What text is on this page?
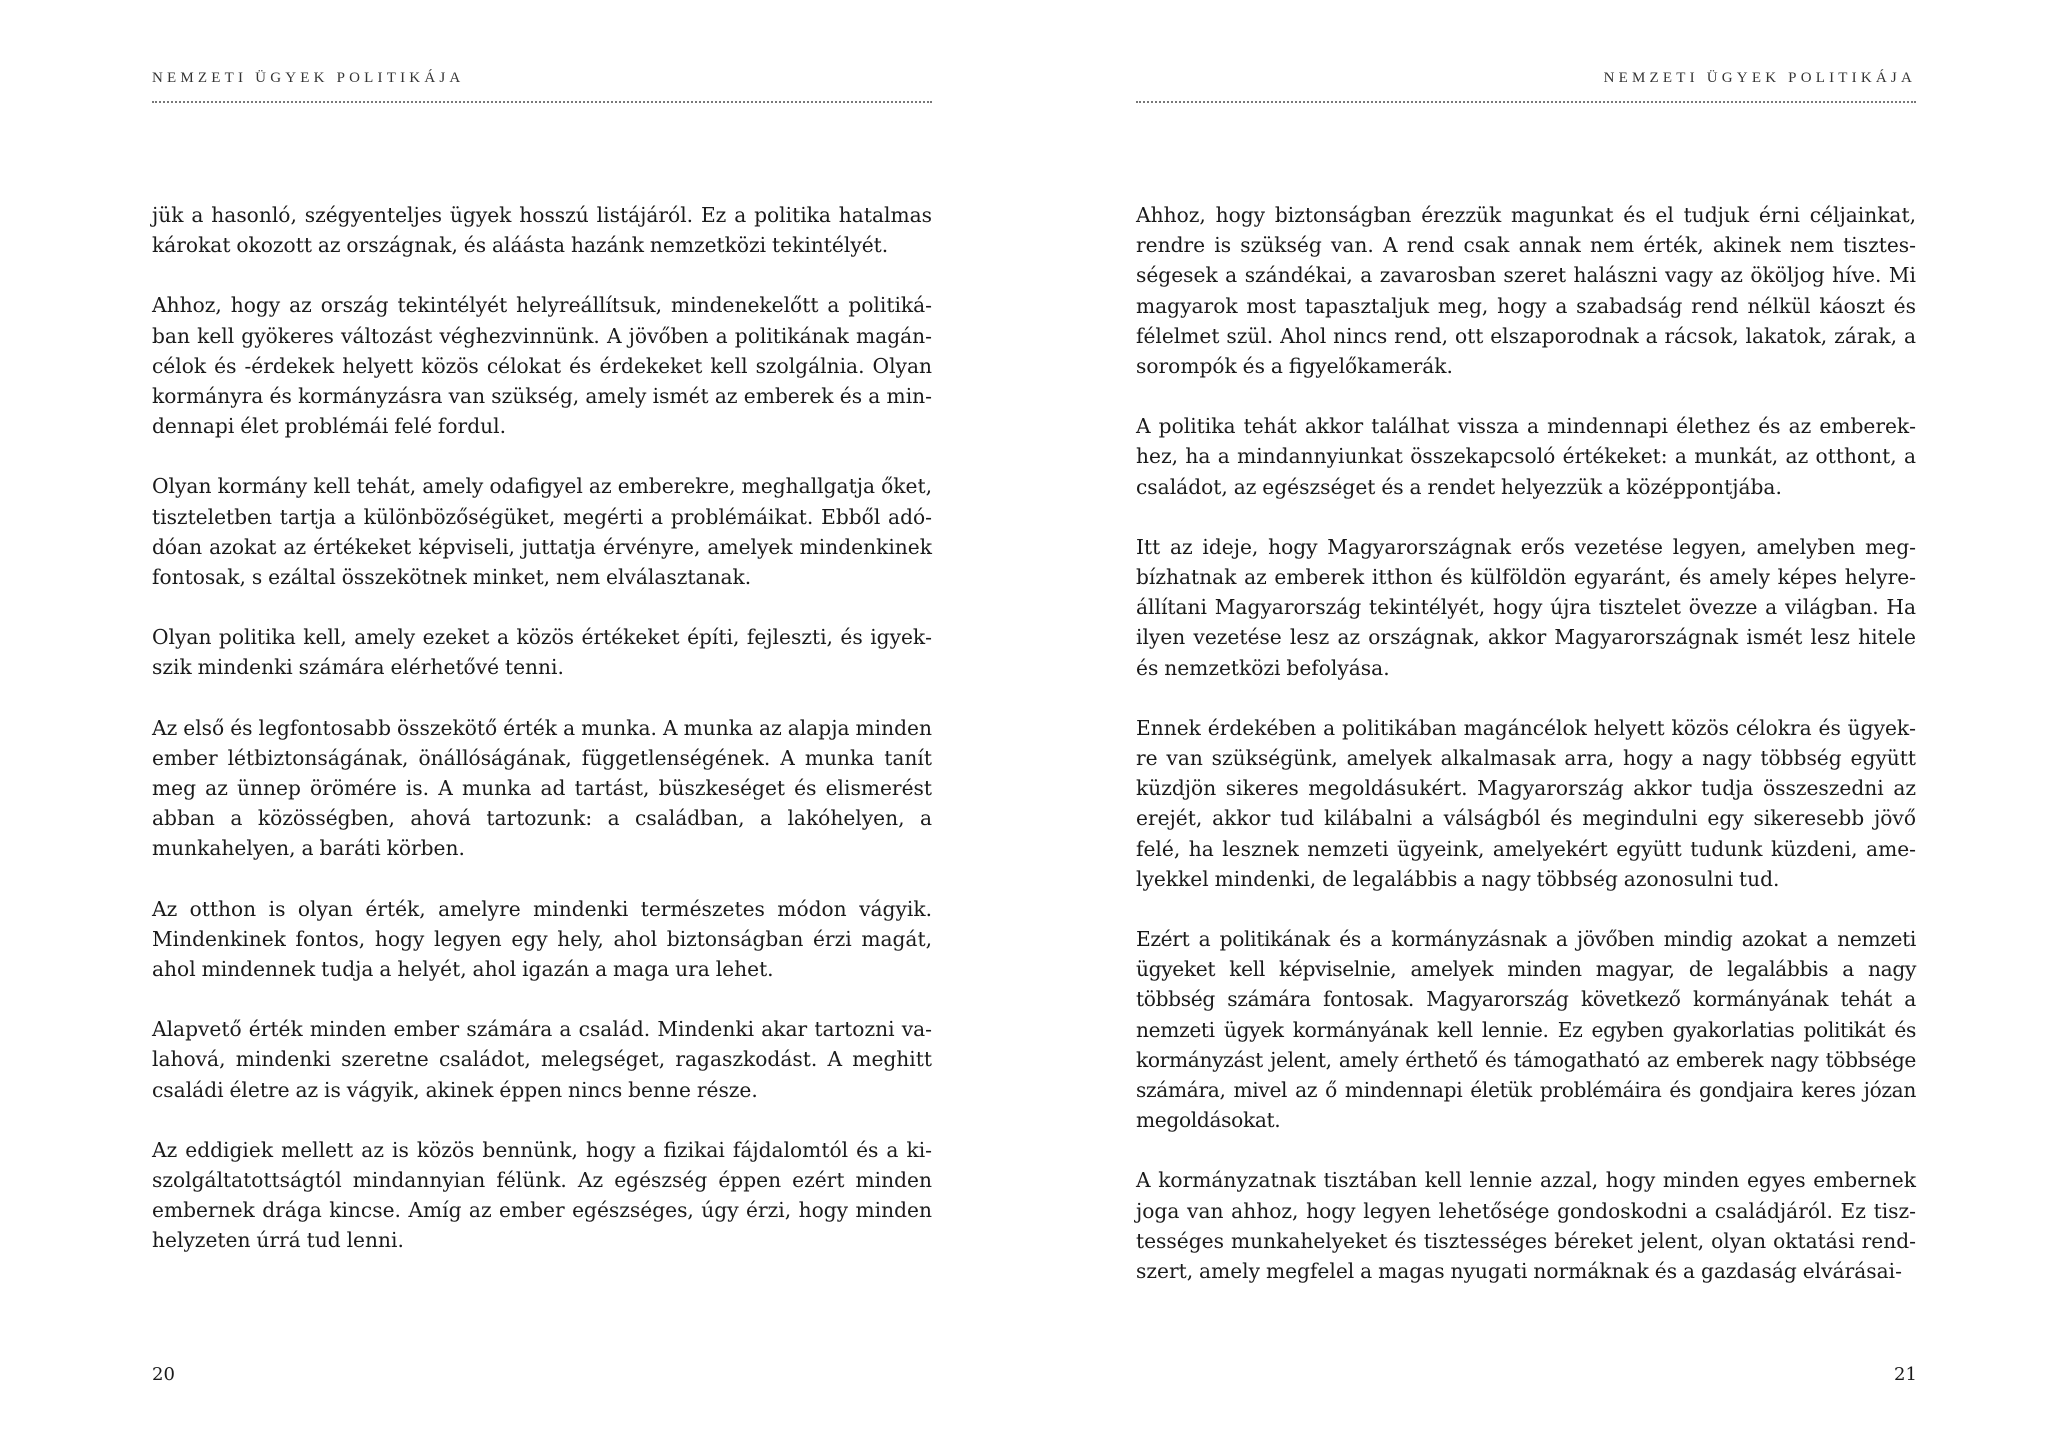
NEMZETI ÜGYEK POLITIKÁJA

jük a hasonló, szégyenteljes ügyek hosszú listájáról. Ez a politika hatalmas károkat okozott az országnak, és aláásta hazánk nemzetközi tekintélyét.

Ahhoz, hogy az ország tekintélyét helyreállítsuk, mindenekelőtt a politikában kell gyökeres változást véghezvinnünk. A jövőben a politikának magáncélok és -érdekek helyett közös célokat és érdekeket kell szolgálnia. Olyan kormányra és kormányzásra van szükség, amely ismét az emberek és a mindennapi élet problémái felé fordul.

Olyan kormány kell tehát, amely odafigyel az emberekre, meghallgatja őket, tiszteletben tartja a különbözőségüket, megérti a problémáikat. Ebből adódóan azokat az értékeket képviseli, juttatja érvényre, amelyek mindenkinek fontosak, s ezáltal összekötnek minket, nem elválasztanak.

Olyan politika kell, amely ezeket a közös értékeket építi, fejleszti, és igyekszik mindenki számára elérhetővé tenni.

Az első és legfontosabb összekötő érték a munka. A munka az alapja minden ember létbiztonságának, önállóságának, függetlenségének. A munka tanít meg az ünnep örömére is. A munka ad tartást, büszkeséget és elismerést abban a közösségben, ahová tartozunk: a családban, a lakóhelyen, a munkahelyen, a baráti körben.

Az otthon is olyan érték, amelyre mindenki természetes módon vágyik. Mindenkinek fontos, hogy legyen egy hely, ahol biztonságban érzi magát, ahol mindennek tudja a helyét, ahol igazán a maga ura lehet.

Alapvető érték minden ember számára a család. Mindenki akar tartozni valahová, mindenki szeretne családot, melegséget, ragaszkodást. A meghitt családi életre az is vágyik, akinek éppen nincs benne része.

Az eddigiek mellett az is közös bennünk, hogy a fizikai fájdalomtól és a kiszolgáltatottságtól mindannyian félünk. Az egészség éppen ezért minden embernek drága kincse. Amíg az ember egészséges, úgy érzi, hogy minden helyzeten úrrá tud lenni.

20
NEMZETI ÜGYEK POLITIKÁJA

Ahhoz, hogy biztonságban érezzük magunkat és el tudjuk érni céljainkat, rendre is szükség van. A rend csak annak nem érték, akinek nem tisztességesek a szándékai, a zavarosban szeret halászni vagy az ököljog híve. Mi magyarok most tapasztaljuk meg, hogy a szabadság rend nélkül káoszt és félelmet szül. Ahol nincs rend, ott elszaporodnak a rácsok, lakatok, zárak, a sorompók és a figyelőkamerák.

A politika tehát akkor találhat vissza a mindennapi élethez és az emberekhez, ha a mindannyiunkat összekapcsoló értékeket: a munkát, az otthont, a családot, az egészséget és a rendet helyezzük a középpontjába.

Itt az ideje, hogy Magyarországnak erős vezetése legyen, amelyben megbízhatnak az emberek itthon és külföldön egyaránt, és amely képes helyreállítani Magyarország tekintélyét, hogy újra tisztelet övezze a világban. Ha ilyen vezetése lesz az országnak, akkor Magyarországnak ismét lesz hitele és nemzetközi befolyása.

Ennek érdekében a politikában magáncélok helyett közös célokra és ügyekre van szükségünk, amelyek alkalmasak arra, hogy a nagy többség együtt küzdjön sikeres megoldásukért. Magyarország akkor tudja összeszedni az erejét, akkor tud kilábalni a válságból és megindulni egy sikeresebb jövő felé, ha lesznek nemzeti ügyeink, amelyekért együtt tudunk küzdeni, amelyekkel mindenki, de legalábbis a nagy többség azonosulni tud.

Ezért a politikának és a kormányzásnak a jövőben mindig azokat a nemzeti ügyeket kell képviselnie, amelyek minden magyar, de legalábbis a nagy többség számára fontosak. Magyarország következő kormányának tehát a nemzeti ügyek kormányának kell lennie. Ez egyben gyakorlatias politikát és kormányzást jelent, amely érthető és támogatható az emberek nagy többsége számára, mivel az ő mindennapi életük problémáira és gondjaira keres józan megoldásokat.

A kormányzatnak tisztában kell lennie azzal, hogy minden egyes embernek joga van ahhoz, hogy legyen lehetősége gondoskodni a családjáról. Ez tisztességes munkahelyeket és tisztességes béreket jelent, olyan oktatási rendszert, amely megfelel a magas nyugati normáknak és a gazdaság elvárásai-

21
